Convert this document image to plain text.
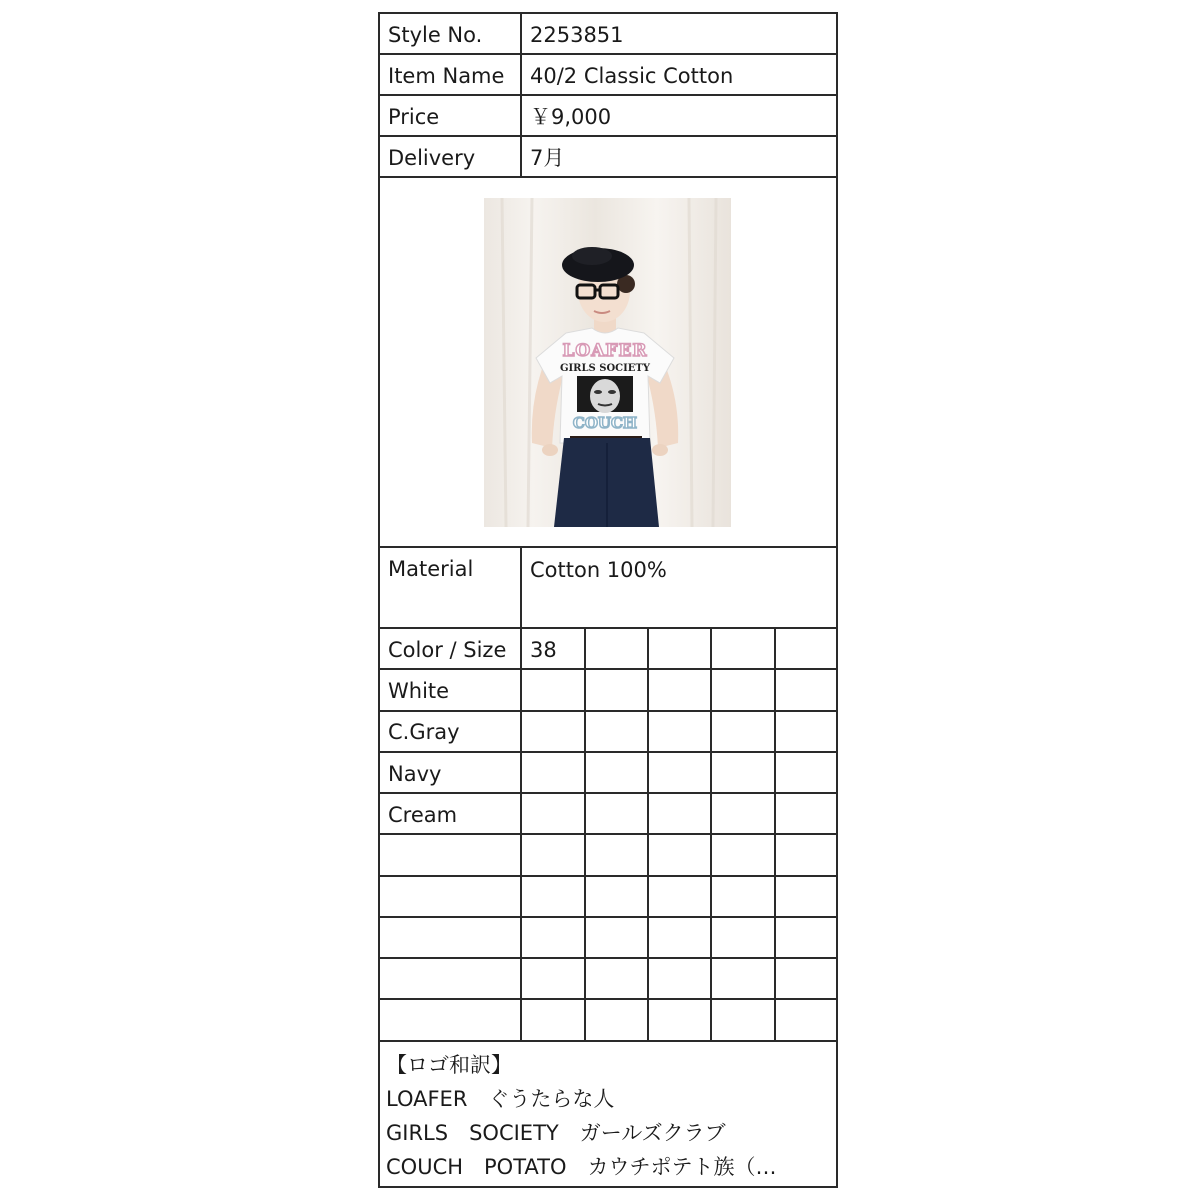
Style No.	2253851
Item Name	40/2 Classic Cotton
Price	￥9,000
Delivery	7月
LOAFER
GIRLS SOCIETY
COUCH
Material	Cotton 100%
Color / Size	38
White
C.Gray
Navy
Cream
【ロゴ和訳】
LOAFER　ぐうたらな人
GIRLS　SOCIETY　ガールズクラブ
COUCH　POTATO　カウチポテト族（…
